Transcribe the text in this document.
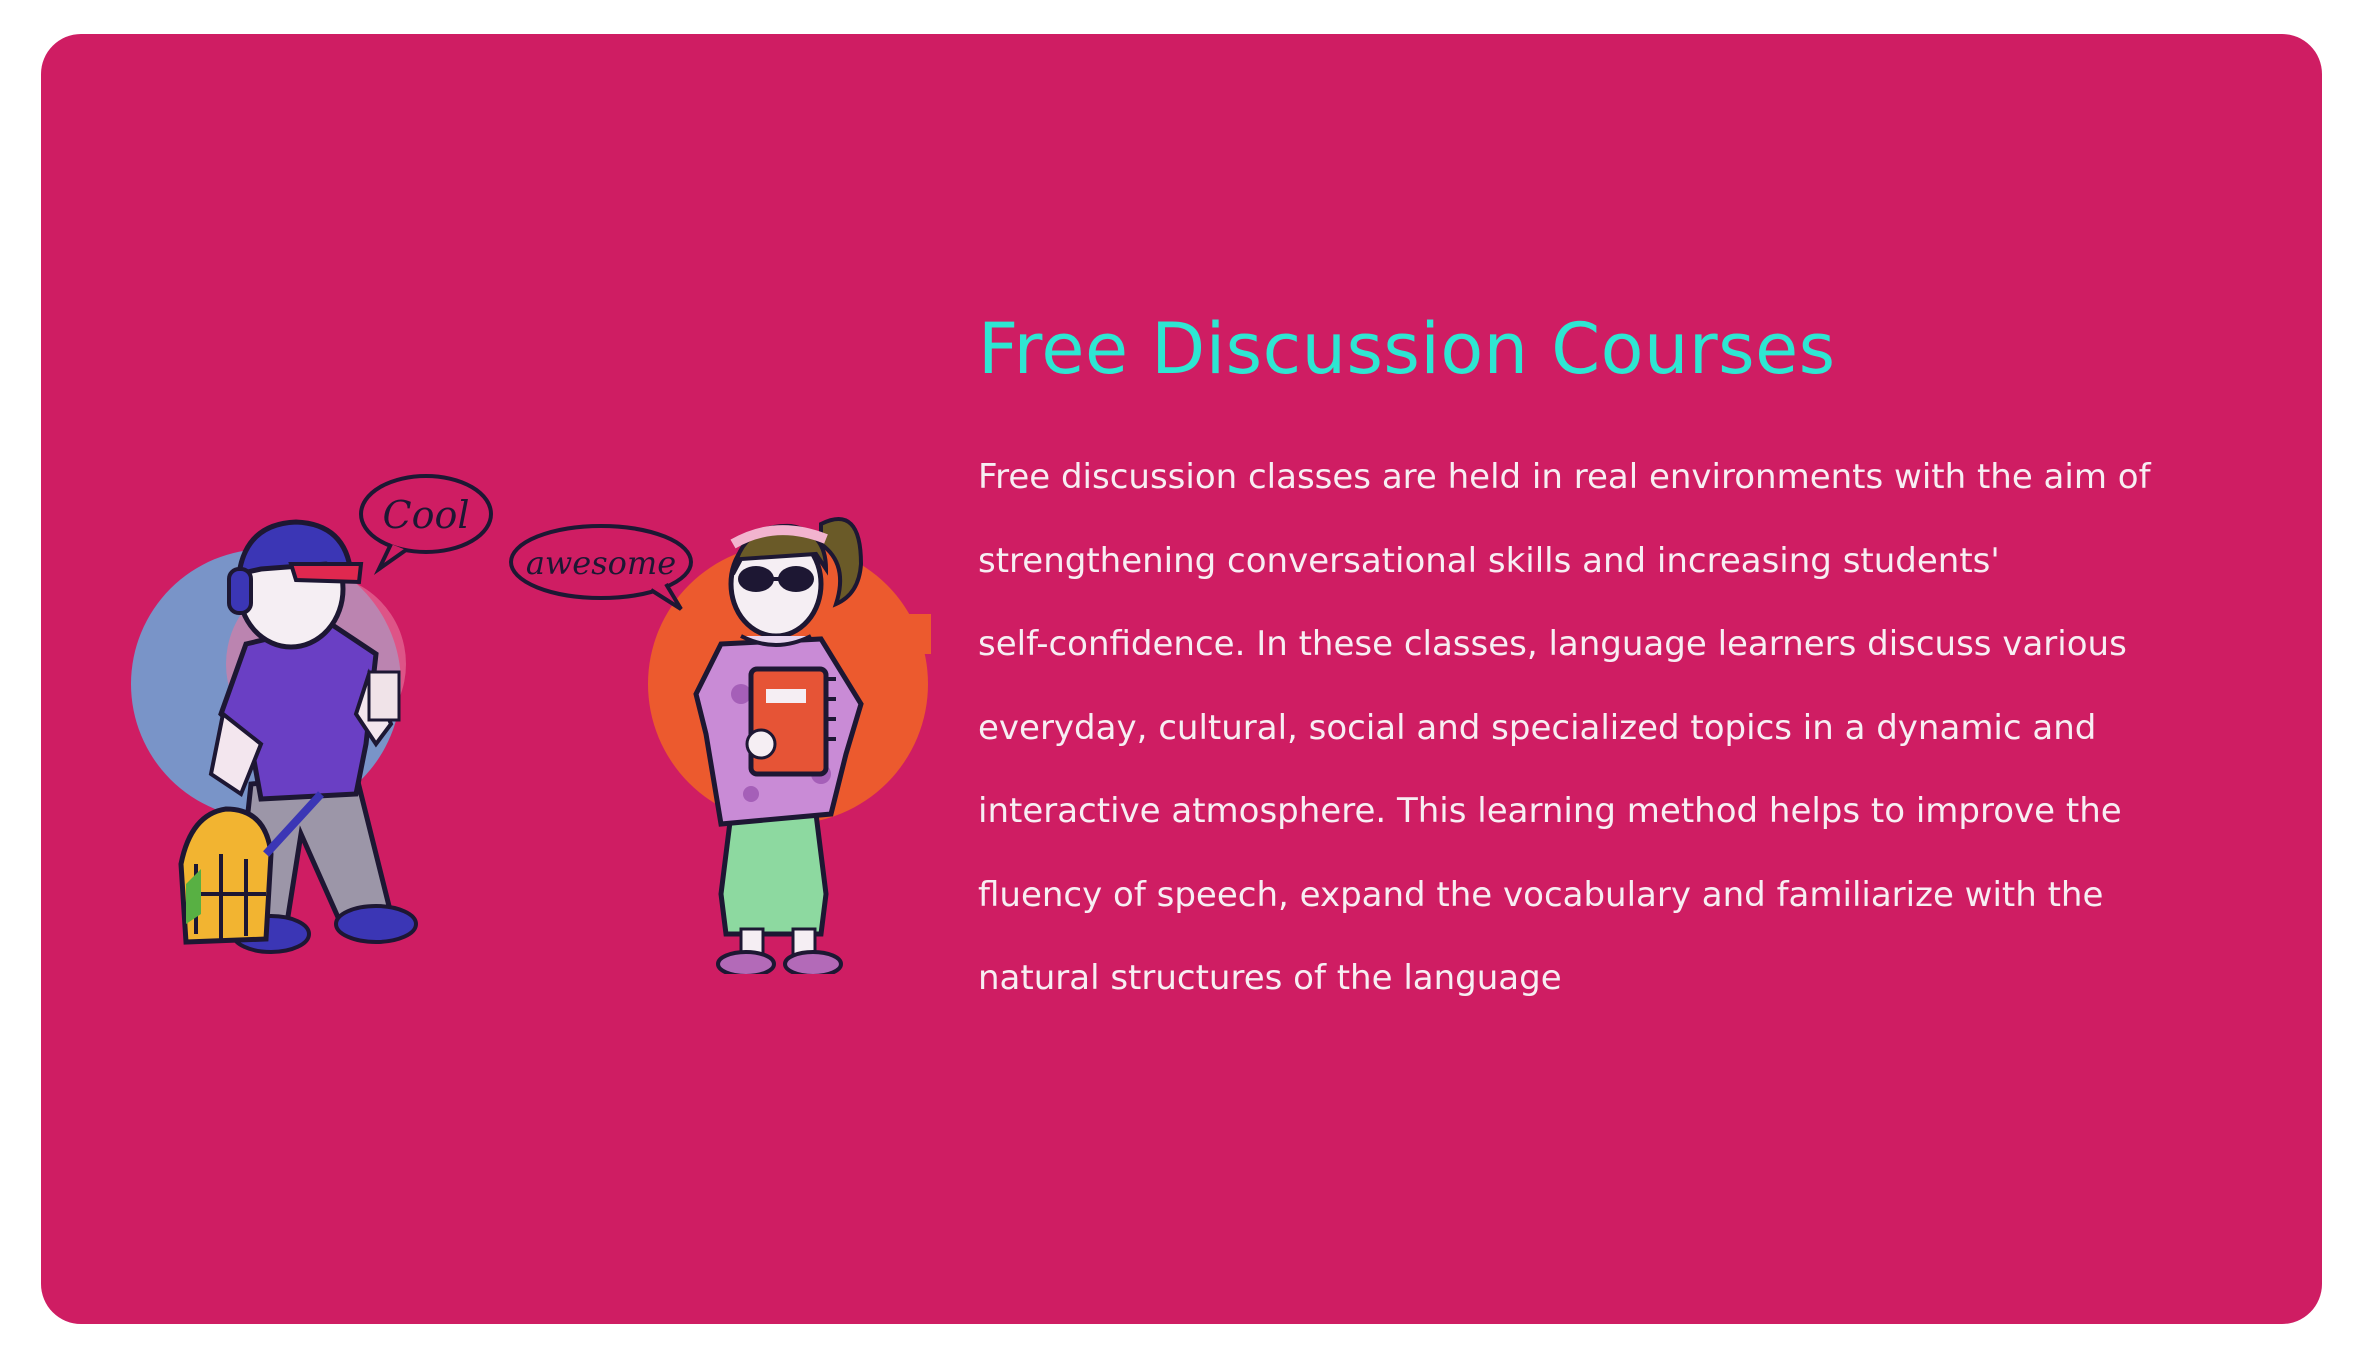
Cool
awesome
Free Discussion Courses
Free discussion classes are held in real environments with the aim of
strengthening conversational skills and increasing students'
self-confidence. In these classes, language learners discuss various
everyday, cultural, social and specialized topics in a dynamic and
interactive atmosphere. This learning method helps to improve the
fluency of speech, expand the vocabulary and familiarize with the
natural structures of the language
